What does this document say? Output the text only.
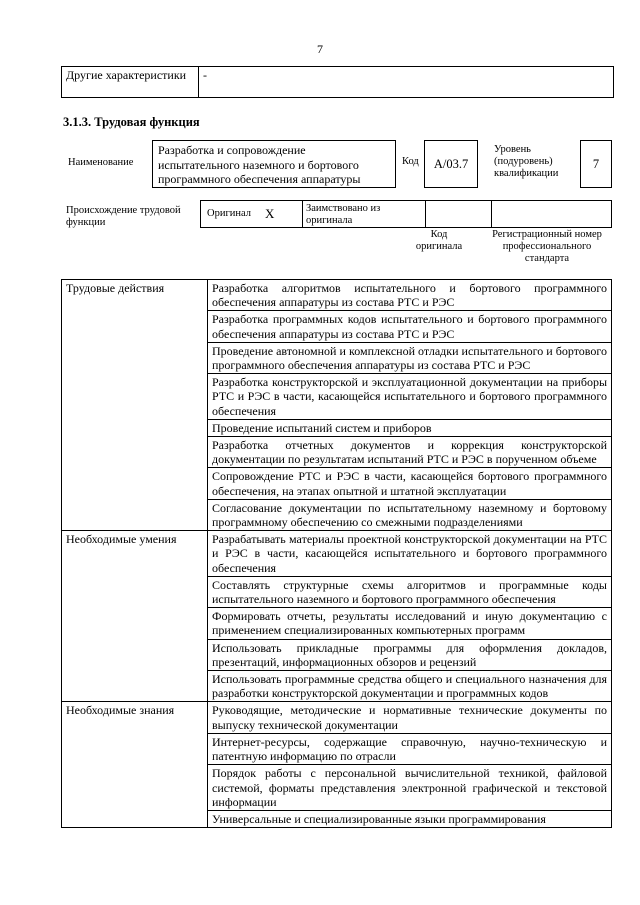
7
Другие характеристики	-
3.1.3. Трудовая функция
Наименование
Разработка и сопровождение испытательного наземного и бортового программного обеспечения аппаратуры
Код	A/03.7
Уровень (подуровень) квалификации
7
Происхождение трудовой функции
Оригинал X	Заимствовано из оригинала
Код оригинала
Регистрационный номер профессионального стандарта
Трудовые действия	Разработка алгоритмов испытательного и бортового программного обеспечения аппаратуры из состава РТС и РЭС
	Разработка программных кодов испытательного и бортового программного обеспечения аппаратуры из состава РТС и РЭС
	Проведение автономной и комплексной отладки испытательного и бортового программного обеспечения аппаратуры из состава РТС и РЭС
	Разработка конструкторской и эксплуатационной документации на приборы РТС и РЭС в части, касающейся испытательного и бортового программного обеспечения
	Проведение испытаний систем и приборов
	Разработка отчетных документов и коррекция конструкторской документации по результатам испытаний РТС и РЭС в порученном объеме
	Сопровождение РТС и РЭС в части, касающейся бортового программного обеспечения, на этапах опытной и штатной эксплуатации
	Согласование документации по испытательному наземному и бортовому программному обеспечению со смежными подразделениями
Необходимые умения	Разрабатывать материалы проектной конструкторской документации на РТС и РЭС в части, касающейся испытательного и бортового программного обеспечения
	Составлять структурные схемы алгоритмов и программные коды испытательного наземного и бортового программного обеспечения
	Формировать отчеты, результаты исследований и иную документацию с применением специализированных компьютерных программ
	Использовать прикладные программы для оформления докладов, презентаций, информационных обзоров и рецензий
	Использовать программные средства общего и специального назначения для разработки конструкторской документации и программных кодов
Необходимые знания	Руководящие, методические и нормативные технические документы по выпуску технической документации
	Интернет-ресурсы, содержащие справочную, научно-техническую и патентную информацию по отрасли
	Порядок работы с персональной вычислительной техникой, файловой системой, форматы представления электронной графической и текстовой информации
	Универсальные и специализированные языки программирования
